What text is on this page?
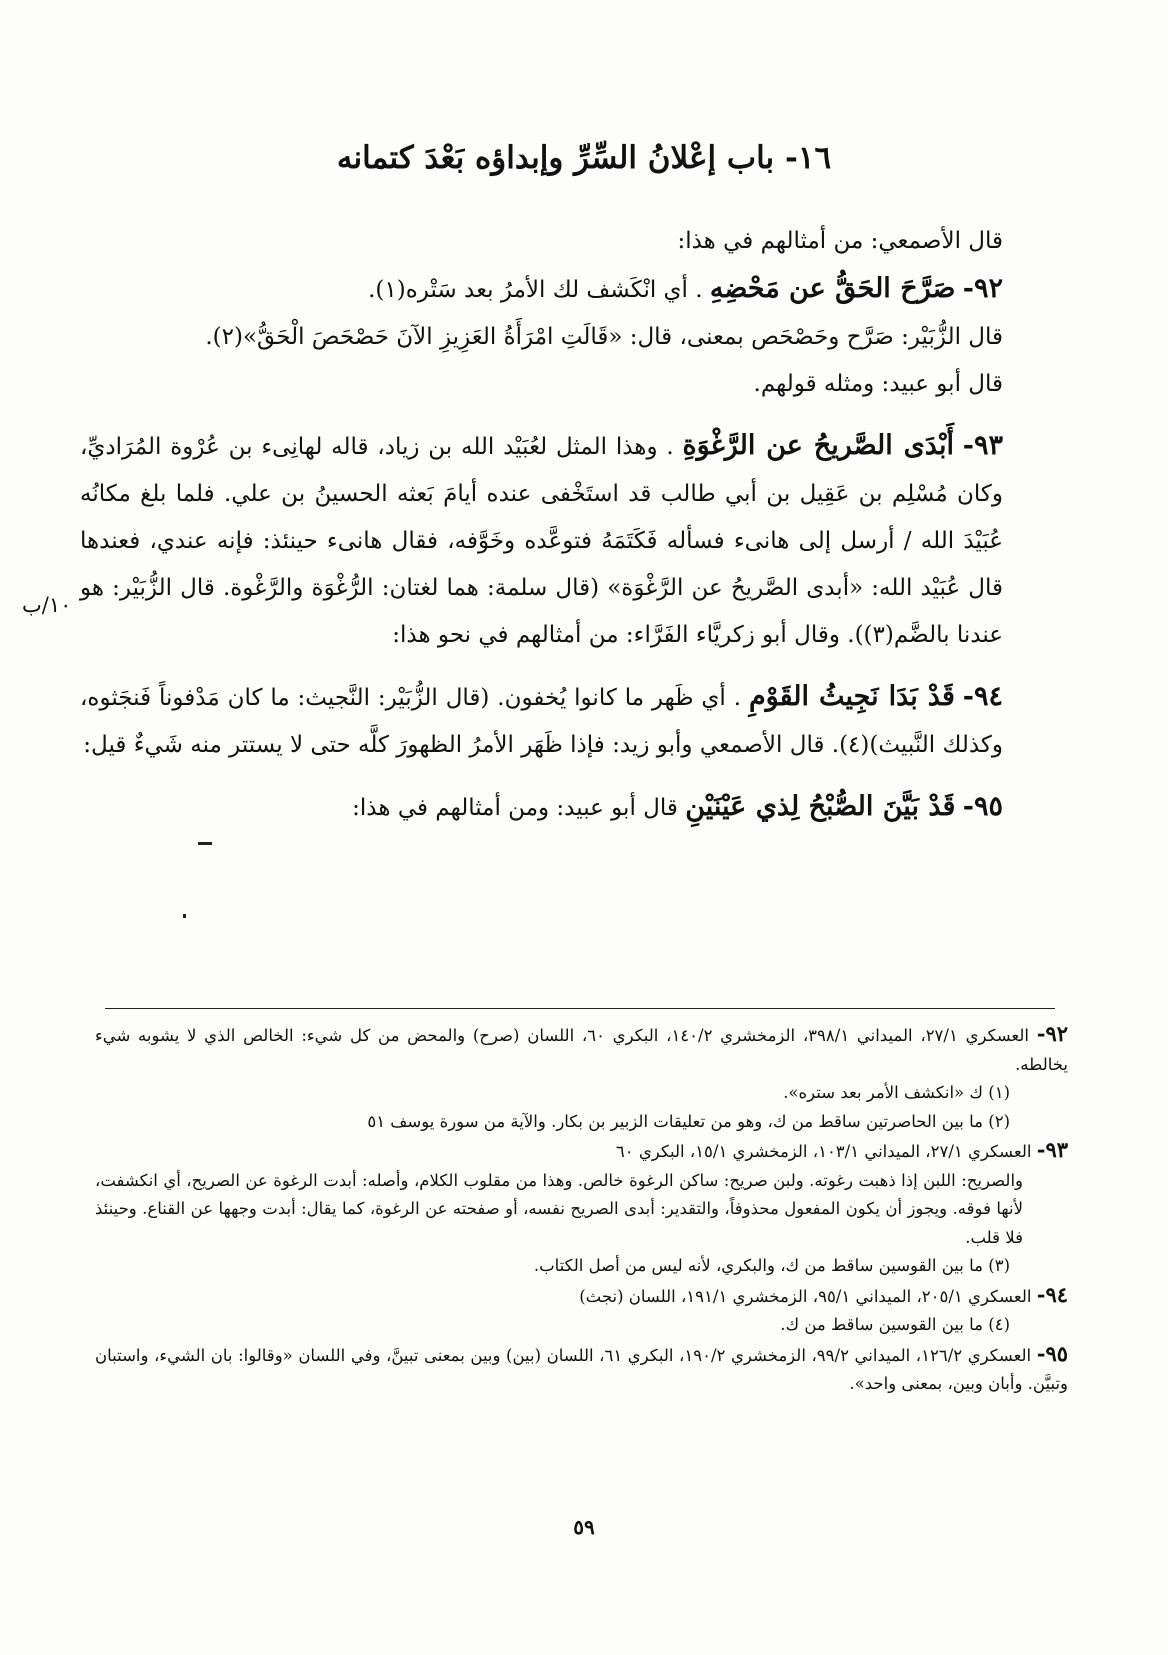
١٦- باب إعْلانُ السِّرِّ وإبداؤه بَعْدَ كتمانه

قال الأصمعي: من أمثالهم في هذا:

٩٢- صَرَّحَ الحَقُّ عن مَحْضِهِ . أي انْكَشف لك الأمرُ بعد سَتْره(١).

قال الزُّبَيْر: صَرَّح وحَصْحَص بمعنى، قال: «قَالَتِ امْرَأَةُ العَزِيزِ الآنَ حَصْحَصَ الْحَقُّ»(٢).

قال أبو عبيد: ومثله قولهم.

٩٣- أَبْدَى الصَّريحُ عن الرَّغْوَةِ . وهذا المثل لعُبَيْد الله بن زياد، قاله لهانِىء بن عُرْوة المُرَاديِّ، وكان مُسْلِم بن عَقِيل بن أبي طالب قد استَخْفى عنده أيامَ بَعثه الحسينُ بن علي. فلما بلغ مكانُه عُبَيْدَ الله / أرسل إلى هانىء فسأله فَكَتَمَهُ فتوعَّده وخَوَّفه، فقال هانىء حينئذ: فإنه عندي، فعندها قال عُبَيْد الله: «أبدى الصَّريحُ عن الرَّغْوَة» (قال سلمة: هما لغتان: الرُّغْوَة والرَّغْوة. قال الزُّبَيْر: هو عندنا بالضَّم(٣)). وقال أبو زكريَّاء الفَرَّاء: من أمثالهم في نحو هذا:

٩٤- قَدْ بَدَا نَجِيثُ القَوْمِ . أي ظَهر ما كانوا يُخفون. (قال الزُّبَيْر: النَّجيث: ما كان مَدْفوناً فَنجَثوه، وكذلك النَّبيث)(٤). قال الأصمعي وأبو زيد: فإذا ظَهَر الأمرُ الظهورَ كلَّه حتى لا يستتر منه شَيءٌ قيل:

٩٥- قَدْ بَيَّنَ الصُّبْحُ لِذي عَيْنَيْنِ قال أبو عبيد: ومن أمثالهم في هذا:

١٠/ب

٩٢- العسكري ٢٧/١، الميداني ٣٩٨/١، الزمخشري ١٤٠/٢، البكري ٦٠، اللسان (صرح) والمحض من كل شيء: الخالص الذي لا يشوبه شيء يخالطه.

(١) ك «انكشف الأمر بعد ستره».

(٢) ما بين الحاصرتين ساقط من ك، وهو من تعليقات الزبير بن بكار. والآية من سورة يوسف ٥١

٩٣- العسكري ٢٧/١، الميداني ١٠٣/١، الزمخشري ١٥/١، البكري ٦٠

والصريح: اللبن إذا ذهبت رغوته. ولبن صريح: ساكن الرغوة خالص. وهذا من مقلوب الكلام، وأصله: أبدت الرغوة عن الصريح، أي انكشفت، لأنها فوقه. ويجوز أن يكون المفعول محذوفاً، والتقدير: أبدى الصريح نفسه، أو صفحته عن الرغوة، كما يقال: أبدت وجهها عن القناع. وحينئذ فلا قلب.

(٣) ما بين القوسين ساقط من ك، والبكري، لأنه ليس من أصل الكتاب.

٩٤- العسكري ٢٠٥/١، الميداني ٩٥/١، الزمخشري ١٩١/١، اللسان (نجث)

(٤) ما بين القوسين ساقط من ك.

٩٥- العسكري ١٢٦/٢، الميداني ٩٩/٢، الزمخشري ١٩٠/٢، البكري ٦١، اللسان (بين) وبين بمعنى تبينَّ، وفي اللسان «وقالوا: بان الشيء، واستبان وتبيَّن. وأبان وبين، بمعنى واحد».

٥٩
